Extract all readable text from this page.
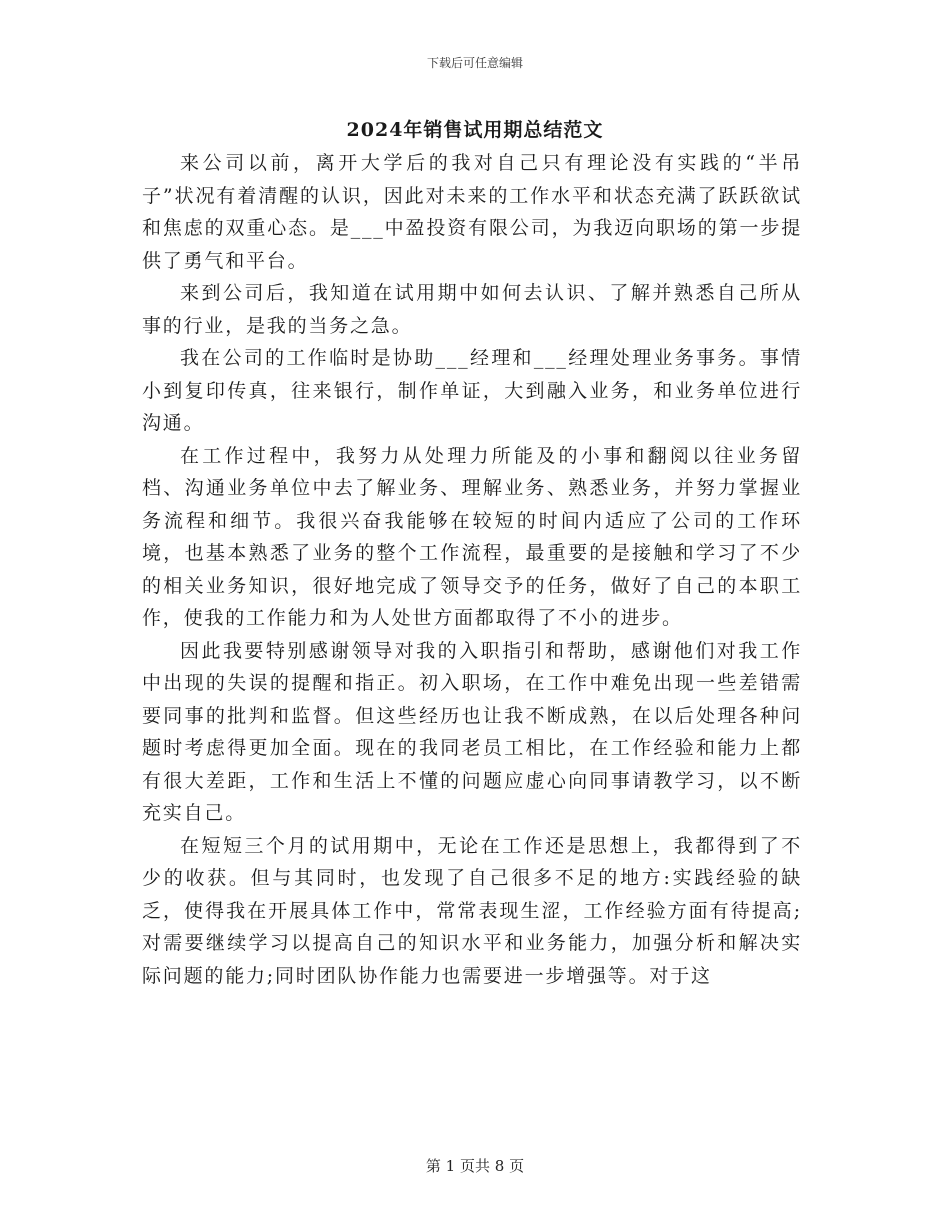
下载后可任意编辑
2024年销售试用期总结范文

来公司以前，离开大学后的我对自己只有理论没有实践的“半吊子”状况有着清醒的认识，因此对未来的工作水平和状态充满了跃跃欲试和焦虑的双重心态。是___中盈投资有限公司，为我迈向职场的第一步提供了勇气和平台。

来到公司后，我知道在试用期中如何去认识、了解并熟悉自己所从事的行业，是我的当务之急。

我在公司的工作临时是协助___经理和___经理处理业务事务。事情小到复印传真，往来银行，制作单证，大到融入业务，和业务单位进行沟通。

在工作过程中，我努力从处理力所能及的小事和翻阅以往业务留档、沟通业务单位中去了解业务、理解业务、熟悉业务，并努力掌握业务流程和细节。我很兴奋我能够在较短的时间内适应了公司的工作环境，也基本熟悉了业务的整个工作流程，最重要的是接触和学习了不少的相关业务知识，很好地完成了领导交予的任务，做好了自己的本职工作，使我的工作能力和为人处世方面都取得了不小的进步。

因此我要特别感谢领导对我的入职指引和帮助，感谢他们对我工作中出现的失误的提醒和指正。初入职场，在工作中难免出现一些差错需要同事的批判和监督。但这些经历也让我不断成熟，在以后处理各种问题时考虑得更加全面。现在的我同老员工相比，在工作经验和能力上都有很大差距，工作和生活上不懂的问题应虚心向同事请教学习，以不断充实自己。

在短短三个月的试用期中，无论在工作还是思想上，我都得到了不少的收获。但与其同时，也发现了自己很多不足的地方:实践经验的缺乏，使得我在开展具体工作中，常常表现生涩，工作经验方面有待提高;对需要继续学习以提高自己的知识水平和业务能力，加强分析和解决实际问题的能力;同时团队协作能力也需要进一步增强等。对于这

第 1 页共 8 页
